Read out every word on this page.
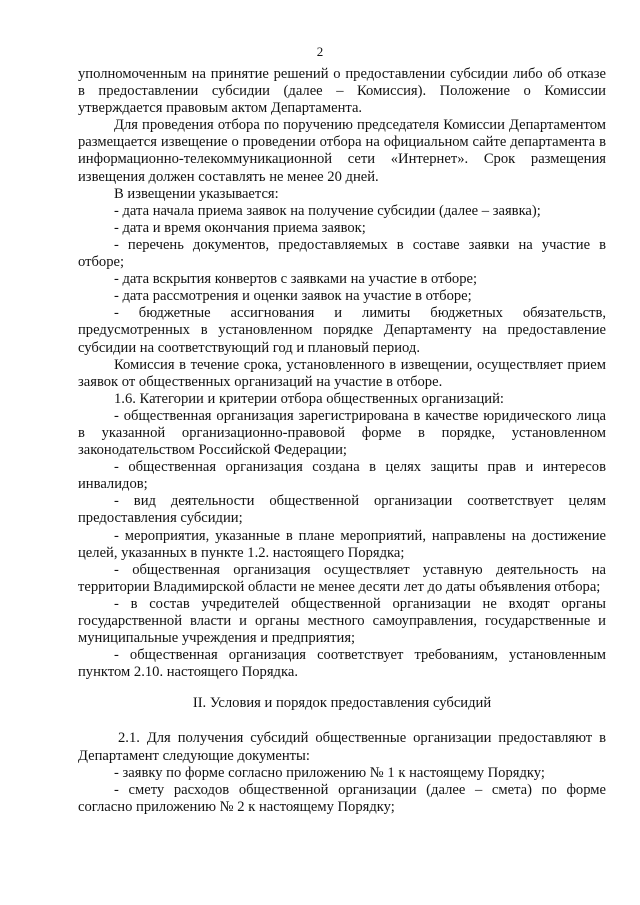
2

уполномоченным на принятие решений о предоставлении субсидии либо об отказе в предоставлении субсидии (далее – Комиссия). Положение о Комиссии утверждается правовым актом Департамента.

Для проведения отбора по поручению председателя Комиссии Департаментом размещается извещение о проведении отбора на официальном сайте департамента в информационно-телекоммуникационной сети «Интернет». Срок размещения извещения должен составлять не менее 20 дней.

В извещении указывается:

- дата начала приема заявок на получение субсидии (далее – заявка);

- дата и время окончания приема заявок;

- перечень документов, предоставляемых в составе заявки на участие в отборе;

- дата вскрытия конвертов с заявками на участие в отборе;

- дата рассмотрения и оценки заявок на участие в отборе;

- бюджетные ассигнования и лимиты бюджетных обязательств, предусмотренных в установленном порядке Департаменту на предоставление субсидии на соответствующий год и плановый период.

Комиссия в течение срока, установленного в извещении, осуществляет прием заявок от общественных организаций на участие в отборе.

1.6. Категории и критерии отбора общественных организаций:

- общественная организация зарегистрирована в качестве юридического лица в указанной организационно-правовой форме в порядке, установленном законодательством Российской Федерации;

- общественная организация создана в целях защиты прав и интересов инвалидов;

- вид деятельности общественной организации соответствует целям предоставления субсидии;

- мероприятия, указанные в плане мероприятий, направлены на достижение целей, указанных в пункте 1.2. настоящего Порядка;

- общественная организация осуществляет уставную деятельность на территории Владимирской области не менее десяти лет до даты объявления отбора;

- в состав учредителей общественной организации не входят органы государственной власти и органы местного самоуправления, государственные и муниципальные учреждения и предприятия;

- общественная организация соответствует требованиям, установленным пунктом 2.10. настоящего Порядка.

II. Условия и порядок предоставления субсидий

2.1. Для получения субсидий общественные организации предоставляют в Департамент следующие документы:

- заявку по форме согласно приложению № 1 к настоящему Порядку;

- смету расходов общественной организации (далее – смета) по форме согласно приложению № 2 к настоящему Порядку;
